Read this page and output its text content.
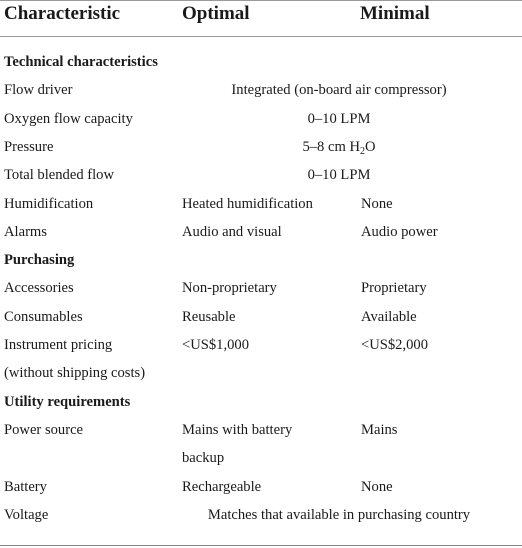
Characteristic	Optimal	Minimal
Technical characteristics
Flow driver	Integrated (on-board air compressor)
Oxygen flow capacity	0–10 LPM
Pressure	5–8 cm $H_2O$
Total blended flow	0–10 LPM
Humidification	Heated humidification	None
Alarms	Audio and visual	Audio power
Purchasing
Accessories	Non-proprietary	Proprietary
Consumables	Reusable	Available
Instrument pricing	<US$1,000	<US$2,000
(without shipping costs)
Utility requirements
Power source	Mains with battery	Mains
backup
Battery	Rechargeable	None
Voltage	Matches that available in purchasing country
